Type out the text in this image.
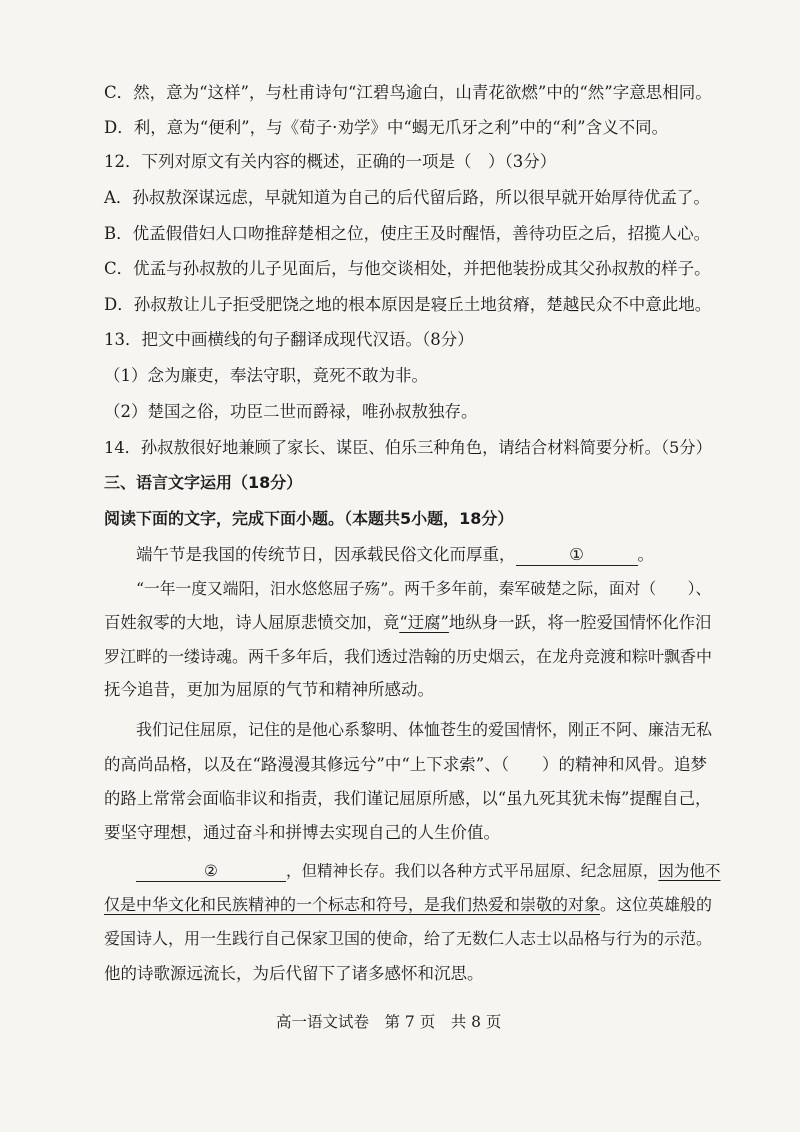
C．然，意为“这样”，与杜甫诗句“江碧鸟逾白，山青花欲燃”中的“然”字意思相同。
D．利，意为“便利”，与《荀子·劝学》中“蝎无爪牙之利”中的“利”含义不同。
12．下列对原文有关内容的概述，正确的一项是（　）（3分）
A．孙叔敖深谋远虑，早就知道为自己的后代留后路，所以很早就开始厚待优孟了。
B．优孟假借妇人口吻推辞楚相之位，使庄王及时醒悟，善待功臣之后，招揽人心。
C．优孟与孙叔敖的儿子见面后，与他交谈相处，并把他装扮成其父孙叔敖的样子。
D．孙叔敖让儿子拒受肥饶之地的根本原因是寝丘土地贫瘠，楚越民众不中意此地。
13．把文中画横线的句子翻译成现代汉语。（8分）
（1）念为廉吏，奉法守职，竟死不敢为非。
（2）楚国之俗，功臣二世而爵禄，唯孙叔敖独存。
14．孙叔敖很好地兼顾了家长、谋臣、伯乐三种角色，请结合材料简要分析。（5分）
三、语言文字运用（18分）
阅读下面的文字，完成下面小题。（本题共5小题，18分）
端午节是我国的传统节日，因承载民俗文化而厚重，	①	。
“一年一度又端阳，汨水悠悠屈子殇”。两千多年前，秦军破楚之际，面对（　　）、
百姓叙零的大地，诗人屈原悲愤交加，竟“迂腐”地纵身一跃，将一腔爱国情怀化作汨
罗江畔的一缕诗魂。两千多年后，我们透过浩翰的历史烟云，在龙舟竞渡和粽叶飘香中
抚今追昔，更加为屈原的气节和精神所感动。
我们记住屈原，记住的是他心系黎明、体恤苍生的爱国情怀，刚正不阿、廉洁无私
的高尚品格，以及在“路漫漫其修远兮”中“上下求索”、（　　）的精神和风骨。追梦
的路上常常会面临非议和指责，我们谨记屈原所感，以“虽九死其犹未悔”提醒自己，
要坚守理想，通过奋斗和拼博去实现自己的人生价值。
②	，但精神长存。我们以各种方式平吊屈原、纪念屈原，因为他不
仅是中华文化和民族精神的一个标志和符号，是我们热爱和崇敬的对象。这位英雄般的
爱国诗人，用一生践行自己保家卫国的使命，给了无数仁人志士以品格与行为的示范。
他的诗歌源远流长，为后代留下了诸多感怀和沉思。
高一语文试卷　第 7 页　共 8 页
